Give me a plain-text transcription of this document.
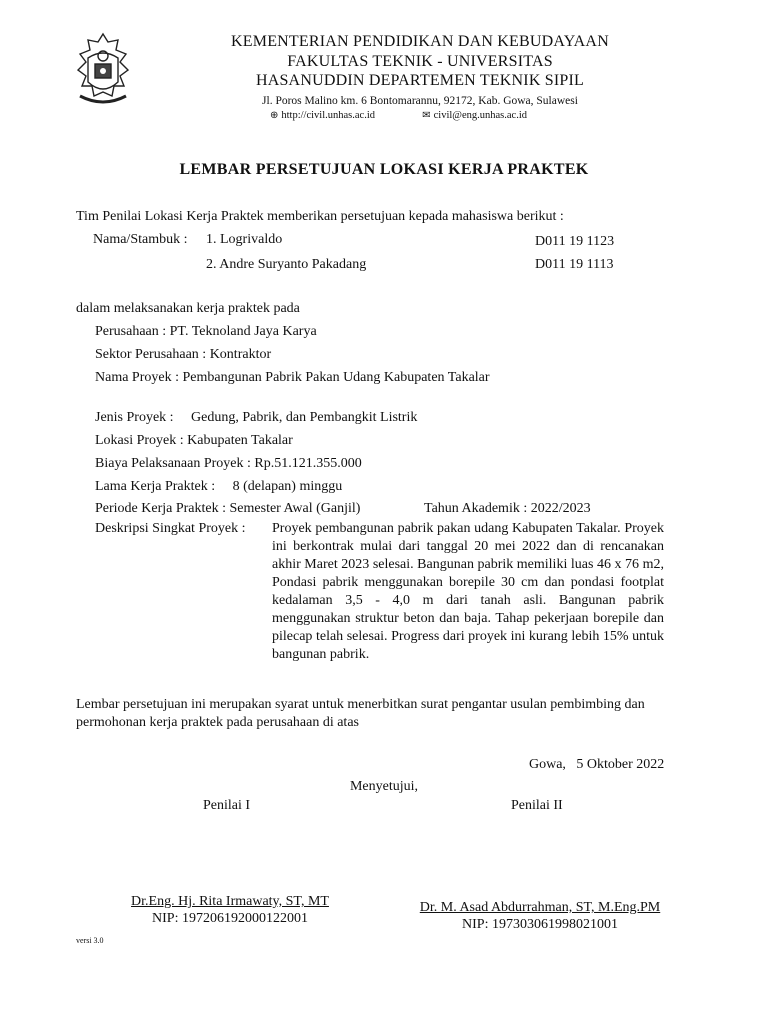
KEMENTERIAN PENDIDIKAN DAN KEBUDAYAAN
FAKULTAS TEKNIK - UNIVERSITAS
HASANUDDIN DEPARTEMEN TEKNIK SIPIL
Jl. Poros Malino km. 6 Bontomarannu, 92172, Kab. Gowa, Sulawesi
⊕ http://civil.unhas.ac.id	✉ civil@eng.unhas.ac.id
LEMBAR PERSETUJUAN LOKASI KERJA PRAKTEK
Tim Penilai Lokasi Kerja Praktek memberikan persetujuan kepada mahasiswa berikut :
Nama/Stambuk : 1. Logrivaldo	D011 19 1123
2. Andre Suryanto Pakadang	D011 19 1113
dalam melaksanakan kerja praktek pada
Perusahaan : PT. Teknoland Jaya Karya
Sektor Perusahaan : Kontraktor
Nama Proyek : Pembangunan Pabrik Pakan Udang Kabupaten Takalar
Jenis Proyek :     Gedung, Pabrik, dan Pembangkit Listrik
Lokasi Proyek : Kabupaten Takalar
Biaya Pelaksanaan Proyek : Rp.51.121.355.000
Lama Kerja Praktek :     8 (delapan) minggu
Periode Kerja Praktek : Semester Awal (Ganjil)	Tahun Akademik : 2022/2023
Deskripsi Singkat Proyek : Proyek pembangunan pabrik pakan udang Kabupaten Takalar. Proyek ini berkontrak mulai dari tanggal 20 mei 2022 dan di rencanakan akhir Maret 2023 selesai. Bangunan pabrik memiliki luas 46 x 76 m2, Pondasi pabrik menggunakan borepile 30 cm dan pondasi footplat kedalaman 3,5 - 4,0 m dari tanah asli. Bangunan pabrik menggunakan struktur beton dan baja. Tahap pekerjaan borepile dan pilecap telah selesai. Progress dari proyek ini kurang lebih 15% untuk bangunan pabrik.
Lembar persetujuan ini merupakan syarat untuk menerbitkan surat pengantar usulan pembimbing dan permohonan kerja praktek pada perusahaan di atas
Gowa,   5 Oktober 2022
Menyetujui,
Penilai I	Penilai II
Dr.Eng. Hj. Rita Irmawaty, ST, MT
NIP: 197206192000122001
Dr. M. Asad Abdurrahman, ST, M.Eng.PM
NIP: 197303061998021001
versi 3.0
